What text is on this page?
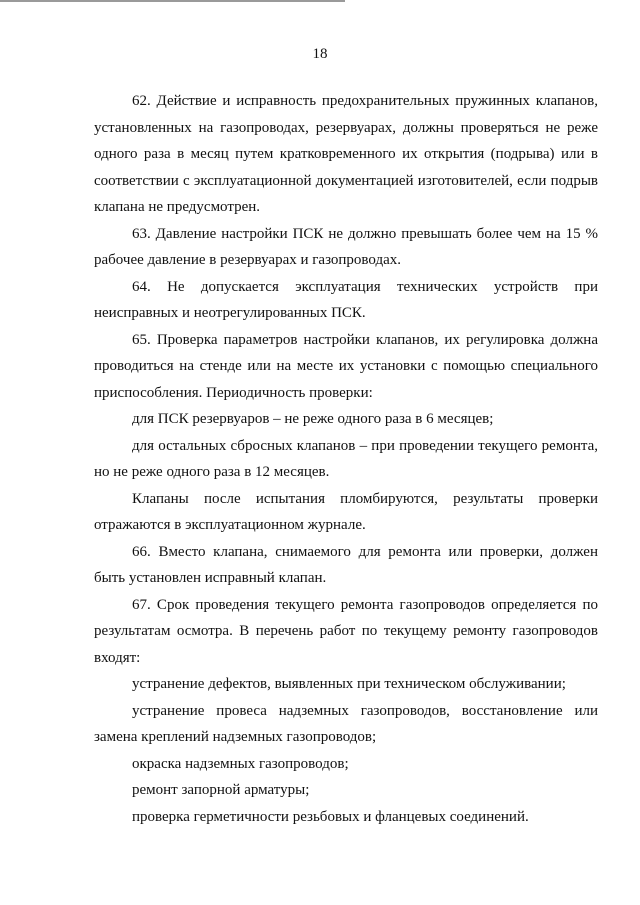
18

62. Действие и исправность предохранительных пружинных клапанов, установленных на газопроводах, резервуарах, должны проверяться не реже одного раза в месяц путем кратковременного их открытия (подрыва) или в соответствии с эксплуатационной документацией изготовителей, если подрыв клапана не предусмотрен.

63. Давление настройки ПСК не должно превышать более чем на 15 % рабочее давление в резервуарах и газопроводах.

64. Не допускается эксплуатация технических устройств при неисправных и неотрегулированных ПСК.

65. Проверка параметров настройки клапанов, их регулировка должна проводиться на стенде или на месте их установки с помощью специального приспособления. Периодичность проверки:

для ПСК резервуаров – не реже одного раза в 6 месяцев;

для остальных сбросных клапанов – при проведении текущего ремонта, но не реже одного раза в 12 месяцев.

Клапаны после испытания пломбируются, результаты проверки отражаются в эксплуатационном журнале.

66. Вместо клапана, снимаемого для ремонта или проверки, должен быть установлен исправный клапан.

67. Срок проведения текущего ремонта газопроводов определяется по результатам осмотра. В перечень работ по текущему ремонту газопроводов входят:

устранение дефектов, выявленных при техническом обслуживании;

устранение провеса надземных газопроводов, восстановление или замена креплений надземных газопроводов;

окраска надземных газопроводов;

ремонт запорной арматуры;

проверка герметичности резьбовых и фланцевых соединений.
